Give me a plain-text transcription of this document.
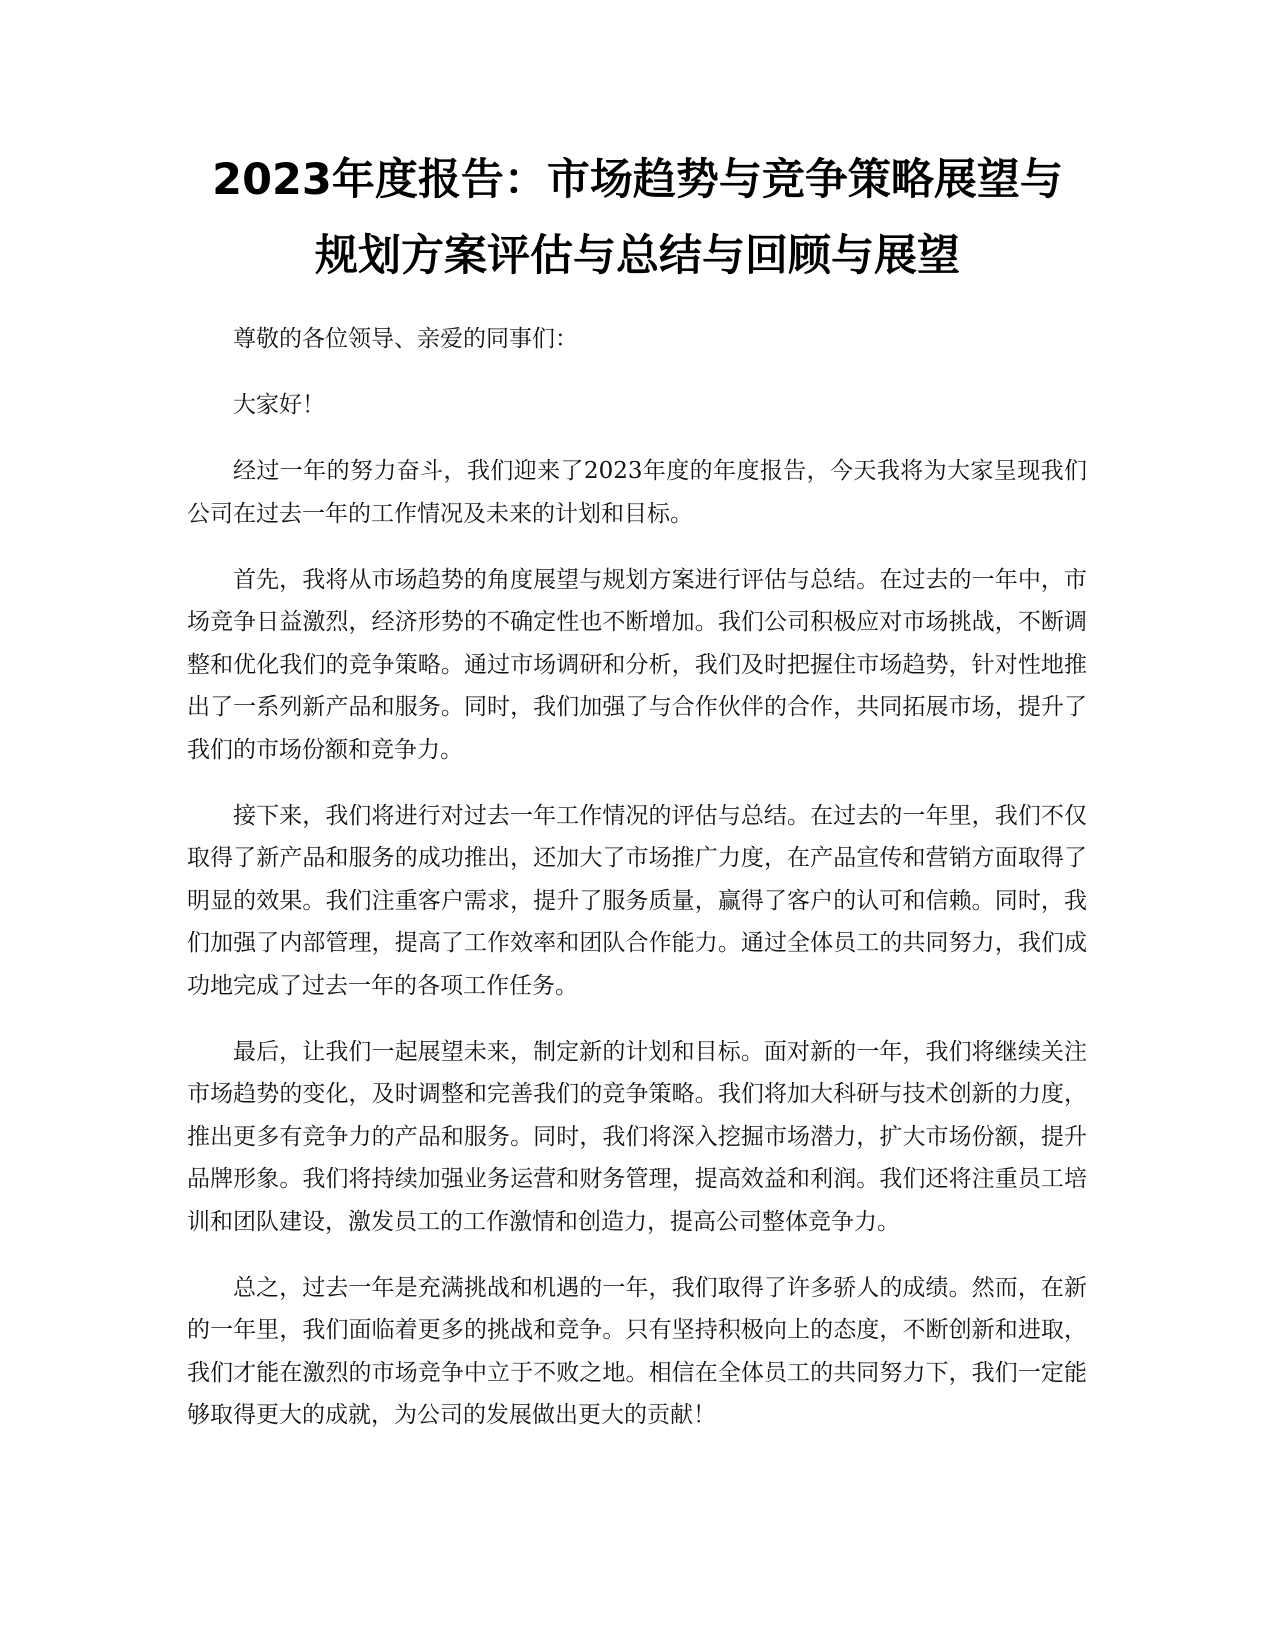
2023年度报告：市场趋势与竞争策略展望与
规划方案评估与总结与回顾与展望

尊敬的各位领导、亲爱的同事们：

大家好！

经过一年的努力奋斗，我们迎来了2023年度的年度报告，今天我将为大家呈现我们公司在过去一年的工作情况及未来的计划和目标。

首先，我将从市场趋势的角度展望与规划方案进行评估与总结。在过去的一年中，市场竞争日益激烈，经济形势的不确定性也不断增加。我们公司积极应对市场挑战，不断调整和优化我们的竞争策略。通过市场调研和分析，我们及时把握住市场趋势，针对性地推出了一系列新产品和服务。同时，我们加强了与合作伙伴的合作，共同拓展市场，提升了我们的市场份额和竞争力。

接下来，我们将进行对过去一年工作情况的评估与总结。在过去的一年里，我们不仅取得了新产品和服务的成功推出，还加大了市场推广力度，在产品宣传和营销方面取得了明显的效果。我们注重客户需求，提升了服务质量，赢得了客户的认可和信赖。同时，我们加强了内部管理，提高了工作效率和团队合作能力。通过全体员工的共同努力，我们成功地完成了过去一年的各项工作任务。

最后，让我们一起展望未来，制定新的计划和目标。面对新的一年，我们将继续关注市场趋势的变化，及时调整和完善我们的竞争策略。我们将加大科研与技术创新的力度，推出更多有竞争力的产品和服务。同时，我们将深入挖掘市场潜力，扩大市场份额，提升品牌形象。我们将持续加强业务运营和财务管理，提高效益和利润。我们还将注重员工培训和团队建设，激发员工的工作激情和创造力，提高公司整体竞争力。

总之，过去一年是充满挑战和机遇的一年，我们取得了许多骄人的成绩。然而，在新的一年里，我们面临着更多的挑战和竞争。只有坚持积极向上的态度，不断创新和进取，我们才能在激烈的市场竞争中立于不败之地。相信在全体员工的共同努力下，我们一定能够取得更大的成就，为公司的发展做出更大的贡献！
